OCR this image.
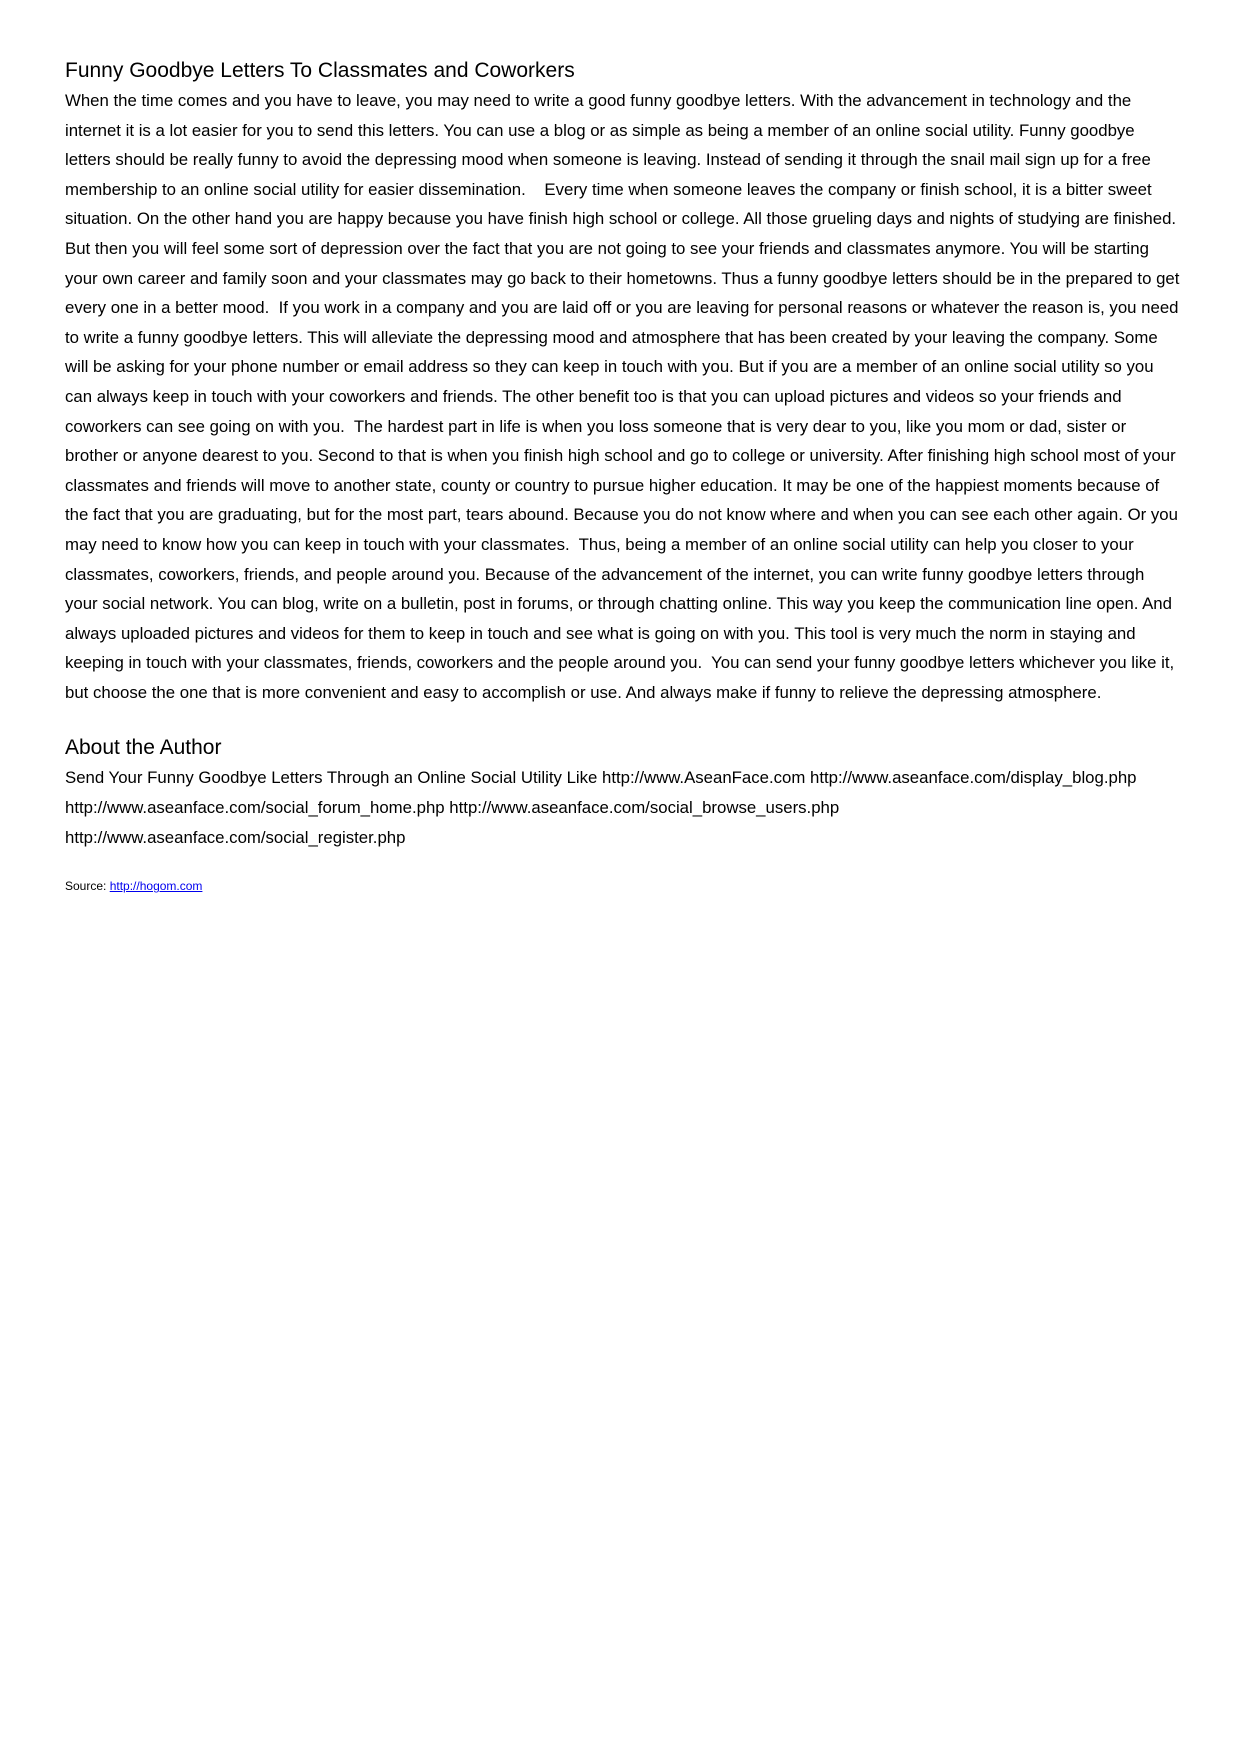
Funny Goodbye Letters To Classmates and Coworkers

When the time comes and you have to leave, you may need to write a good funny goodbye letters. With the advancement in technology and the internet it is a lot easier for you to send this letters. You can use a blog or as simple as being a member of an online social utility. Funny goodbye letters should be really funny to avoid the depressing mood when someone is leaving. Instead of sending it through the snail mail sign up for a free membership to an online social utility for easier dissemination.    Every time when someone leaves the company or finish school, it is a bitter sweet situation. On the other hand you are happy because you have finish high school or college. All those grueling days and nights of studying are finished. But then you will feel some sort of depression over the fact that you are not going to see your friends and classmates anymore. You will be starting your own career and family soon and your classmates may go back to their hometowns. Thus a funny goodbye letters should be in the prepared to get every one in a better mood.  If you work in a company and you are laid off or you are leaving for personal reasons or whatever the reason is, you need to write a funny goodbye letters. This will alleviate the depressing mood and atmosphere that has been created by your leaving the company. Some will be asking for your phone number or email address so they can keep in touch with you. But if you are a member of an online social utility so you can always keep in touch with your coworkers and friends. The other benefit too is that you can upload pictures and videos so your friends and coworkers can see going on with you.  The hardest part in life is when you loss someone that is very dear to you, like you mom or dad, sister or brother or anyone dearest to you. Second to that is when you finish high school and go to college or university. After finishing high school most of your classmates and friends will move to another state, county or country to pursue higher education. It may be one of the happiest moments because of the fact that you are graduating, but for the most part, tears abound. Because you do not know where and when you can see each other again. Or you may need to know how you can keep in touch with your classmates.  Thus, being a member of an online social utility can help you closer to your classmates, coworkers, friends, and people around you. Because of the advancement of the internet, you can write funny goodbye letters through your social network. You can blog, write on a bulletin, post in forums, or through chatting online. This way you keep the communication line open. And always uploaded pictures and videos for them to keep in touch and see what is going on with you. This tool is very much the norm in staying and keeping in touch with your classmates, friends, coworkers and the people around you.  You can send your funny goodbye letters whichever you like it, but choose the one that is more convenient and easy to accomplish or use. And always make if funny to relieve the depressing atmosphere.

About the Author

Send Your Funny Goodbye Letters Through an Online Social Utility Like http://www.AseanFace.com http://www.aseanface.com/display_blog.php http://www.aseanface.com/social_forum_home.php http://www.aseanface.com/social_browse_users.php http://www.aseanface.com/social_register.php

Source: http://hogom.com
